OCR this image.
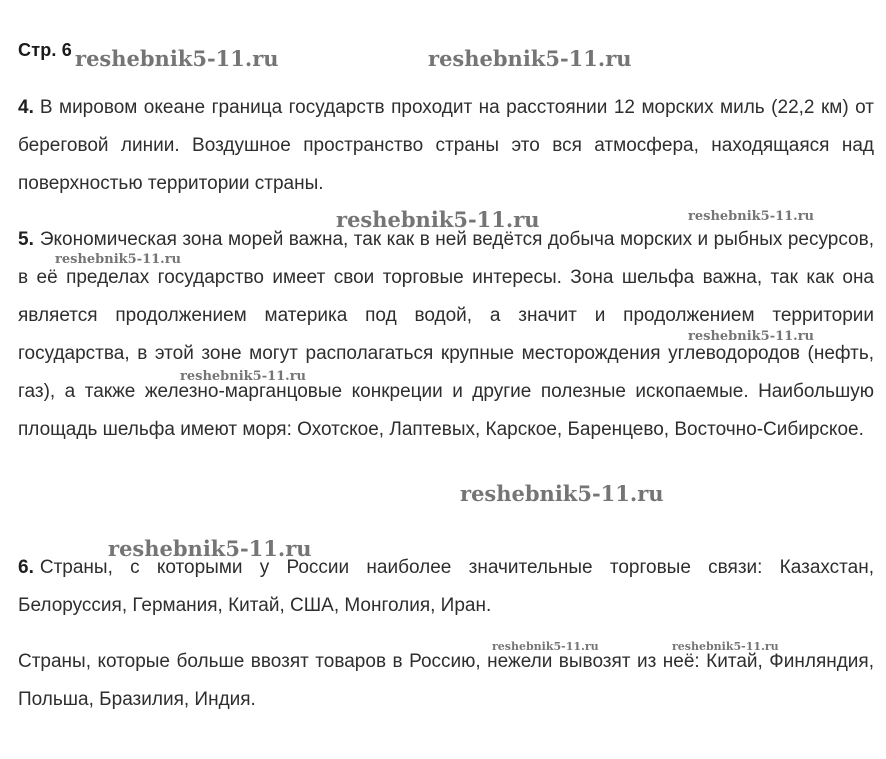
Стр. 6

4. В мировом океане граница государств проходит на расстоянии 12 морских миль (22,2 км) от береговой линии. Воздушное пространство страны это вся атмосфера, находящаяся над поверхностью территории страны.

5. Экономическая зона морей важна, так как в ней ведётся добыча морских и рыбных ресурсов, в её пределах государство имеет свои торговые интересы. Зона шельфа важна, так как она является продолжением материка под водой, а значит и продолжением территории государства, в этой зоне могут располагаться крупные месторождения углеводородов (нефть, газ), а также железно-марганцовые конкреции и другие полезные ископаемые. Наибольшую площадь шельфа имеют моря: Охотское, Лаптевых, Карское, Баренцево, Восточно-Сибирское.

6. Страны, с которыми у России наиболее значительные торговые связи: Казахстан, Белоруссия, Германия, Китай, США, Монголия, Иран.

Страны, которые больше ввозят товаров в Россию, нежели вывозят из неё: Китай, Финляндия, Польша, Бразилия, Индия.

reshebnik5-11.ru	reshebnik5-11.ru
reshebnik5-11.ru	reshebnik5-11.ru
reshebnik5-11.ru
reshebnik5-11.ru
reshebnik5-11.ru
reshebnik5-11.ru
reshebnik5-11.ru
reshebnik5-11.ru	reshebnik5-11.ru
